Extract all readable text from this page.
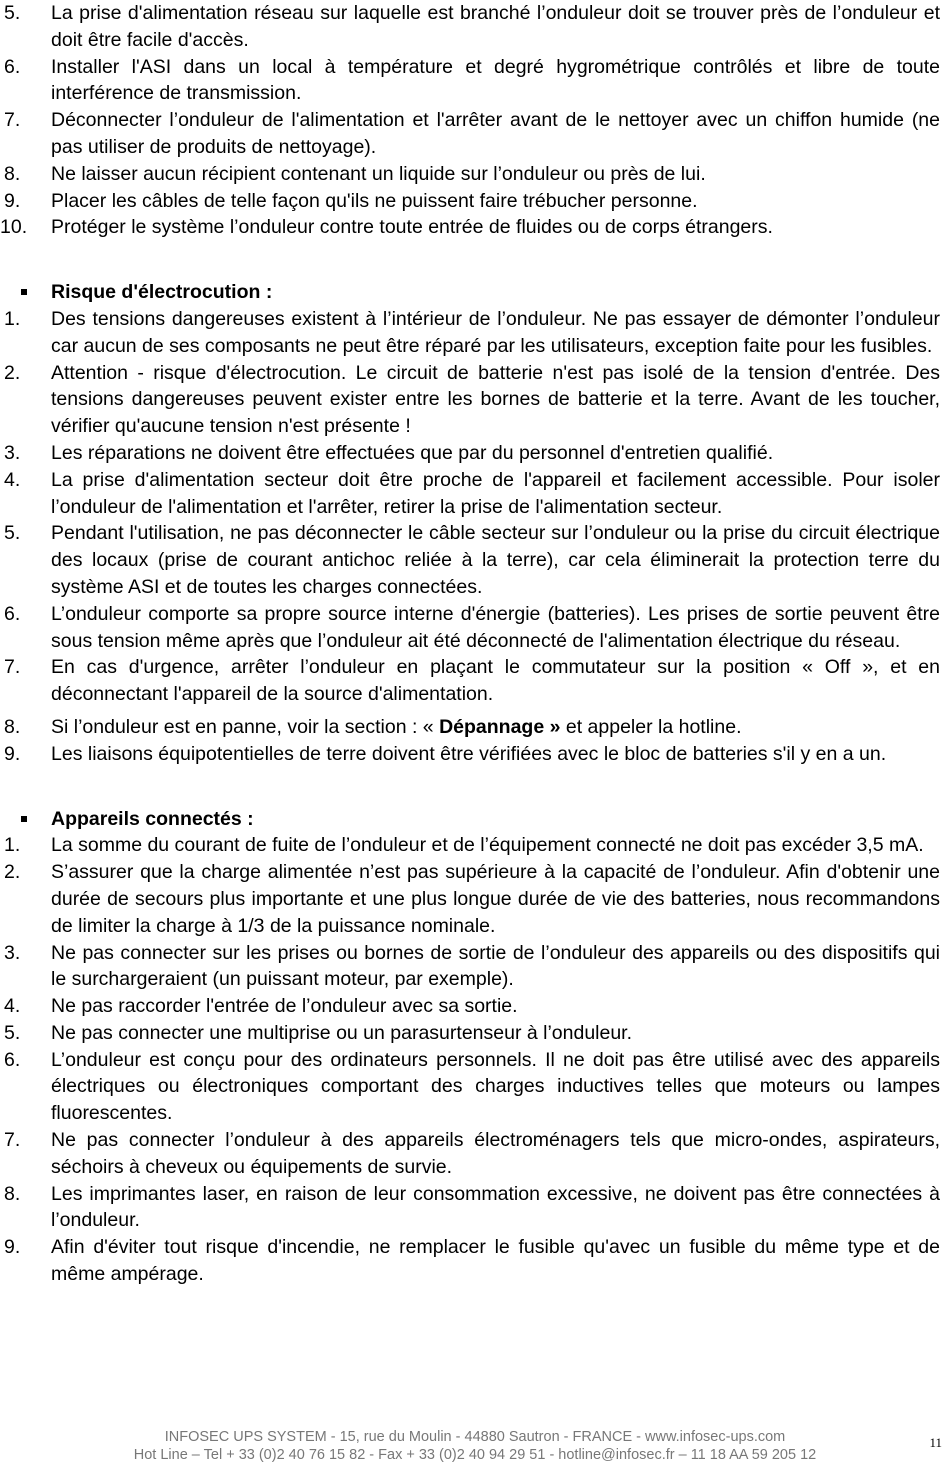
5. La prise d'alimentation réseau sur laquelle est branché l’onduleur doit se trouver près de l’onduleur et doit être facile d'accès.

6. Installer l'ASI dans un local à température et degré hygrométrique contrôlés et libre de toute interférence de transmission.

7. Déconnecter l’onduleur de l'alimentation et l'arrêter avant de le nettoyer avec un chiffon humide (ne pas utiliser de produits de nettoyage).

8. Ne laisser aucun récipient contenant un liquide sur l’onduleur ou près de lui.

9. Placer les câbles de telle façon qu'ils ne puissent faire trébucher personne.

10. Protéger le système l’onduleur contre toute entrée de fluides ou de corps étrangers.

Risque d'électrocution :

1. Des tensions dangereuses existent à l’intérieur de l’onduleur. Ne pas essayer de démonter l’onduleur car aucun de ses composants ne peut être réparé par les utilisateurs, exception faite pour les fusibles.

2. Attention - risque d'électrocution. Le circuit de batterie n'est pas isolé de la tension d'entrée. Des tensions dangereuses peuvent exister entre les bornes de batterie et la terre. Avant de les toucher, vérifier qu'aucune tension n'est présente !

3. Les réparations ne doivent être effectuées que par du personnel d'entretien qualifié.

4. La prise d'alimentation secteur doit être proche de l'appareil et facilement accessible. Pour isoler l’onduleur de l'alimentation et l'arrêter, retirer la prise de l'alimentation secteur.

5. Pendant l'utilisation, ne pas déconnecter le câble secteur sur l’onduleur ou la prise du circuit électrique des locaux (prise de courant antichoc reliée à la terre), car cela éliminerait la protection terre du système ASI et de toutes les charges connectées.

6. L’onduleur comporte sa propre source interne d'énergie (batteries). Les prises de sortie peuvent être sous tension même après que l’onduleur ait été déconnecté de l'alimentation électrique du réseau.

7. En cas d'urgence, arrêter l’onduleur en plaçant le commutateur sur la position « Off », et en déconnectant l'appareil de la source d'alimentation.

8. Si l’onduleur est en panne, voir la section : « Dépannage » et appeler la hotline.

9. Les liaisons équipotentielles de terre doivent être vérifiées avec le bloc de batteries s'il y en a un.

Appareils connectés :

1. La somme du courant de fuite de l’onduleur et de l’équipement connecté ne doit pas excéder 3,5 mA.

2. S’assurer que la charge alimentée n’est pas supérieure à la capacité de l’onduleur. Afin d'obtenir une durée de secours plus importante et une plus longue durée de vie des batteries, nous recommandons de limiter la charge à 1/3 de la puissance nominale.

3. Ne pas connecter sur les prises ou bornes de sortie de l’onduleur des appareils ou des dispositifs qui le surchargeraient (un puissant moteur, par exemple).

4. Ne pas raccorder l'entrée de l’onduleur avec sa sortie.

5. Ne pas connecter une multiprise ou un parasurtenseur à l’onduleur.

6. L’onduleur est conçu pour des ordinateurs personnels. Il ne doit pas être utilisé avec des appareils électriques ou électroniques comportant des charges inductives telles que moteurs ou lampes fluorescentes.

7. Ne pas connecter l’onduleur à des appareils électroménagers tels que micro-ondes, aspirateurs, séchoirs à cheveux ou équipements de survie.

8. Les imprimantes laser, en raison de leur consommation excessive, ne doivent pas être connectées à l’onduleur.

9. Afin d'éviter tout risque d'incendie, ne remplacer le fusible qu'avec un fusible du même type et de même ampérage.

INFOSEC UPS SYSTEM - 15, rue du Moulin - 44880 Sautron - FRANCE - www.infosec-ups.com
Hot Line – Tel + 33 (0)2 40 76 15 82 - Fax + 33 (0)2 40 94 29 51 - hotline@infosec.fr – 11 18 AA 59 205 12
11
